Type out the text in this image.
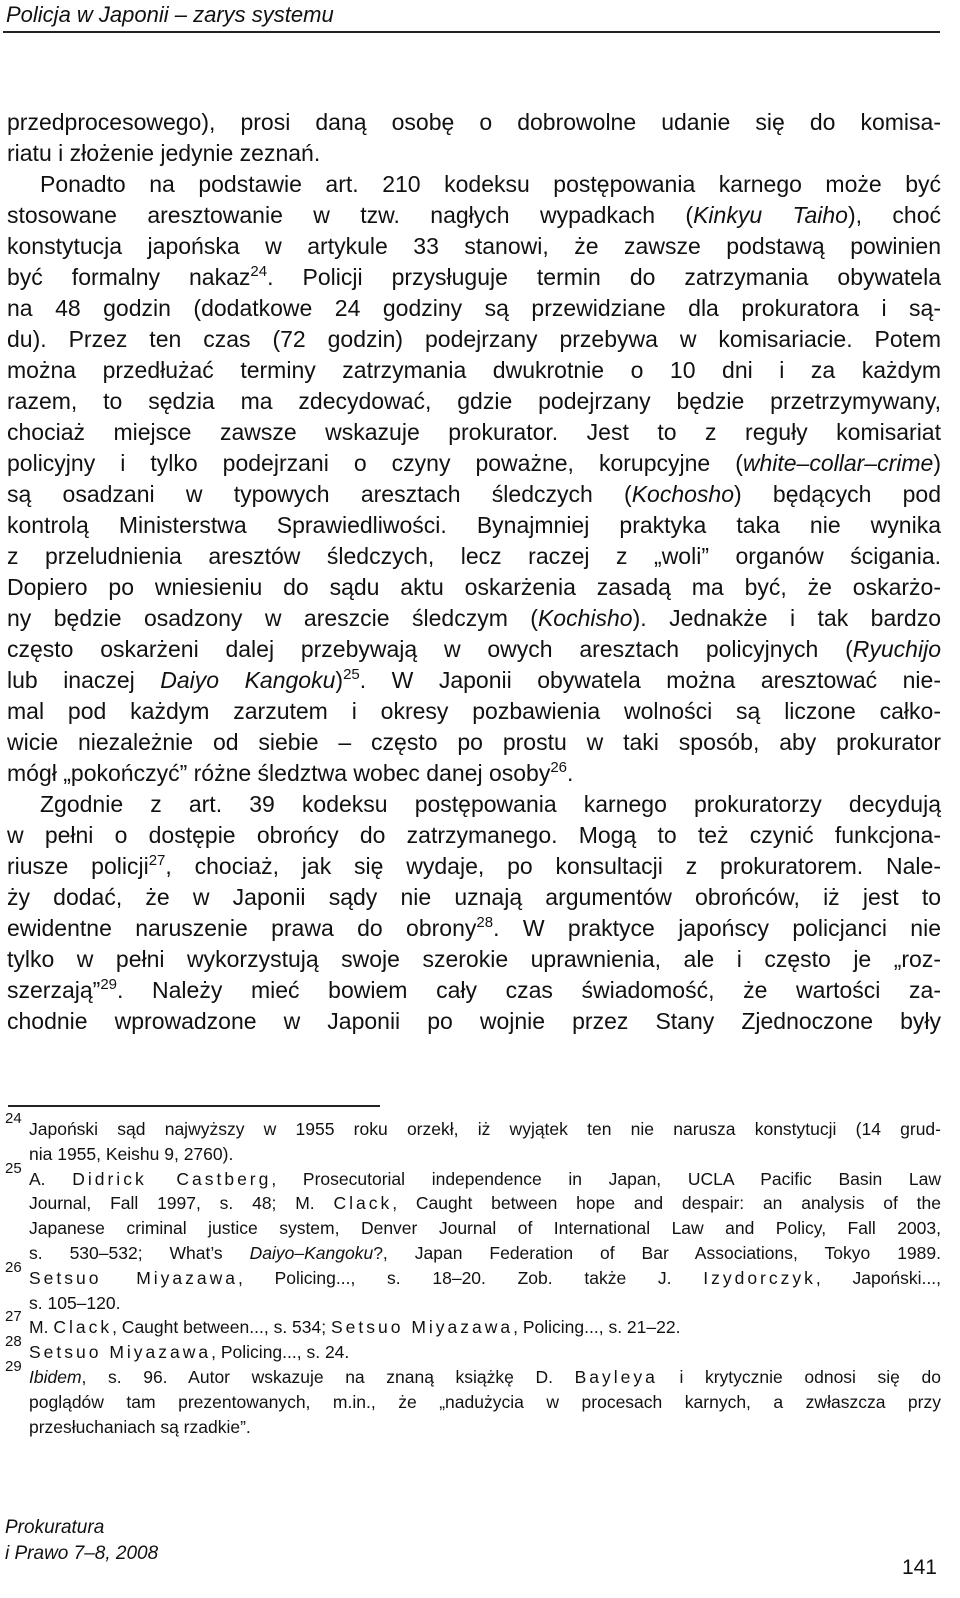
Policja w Japonii – zarys systemu
przedprocesowego), prosi daną osobę o dobrowolne udanie się do komisa-
riatu i złożenie jedynie zeznań.
Ponadto na podstawie art. 210 kodeksu postępowania karnego może być
stosowane aresztowanie w tzw. nagłych wypadkach (Kinkyu Taiho), choć
konstytucja japońska w artykule 33 stanowi, że zawsze podstawą powinien
być formalny nakaz$^{24}$. Policji przysługuje termin do zatrzymania obywatela
na 48 godzin (dodatkowe 24 godziny są przewidziane dla prokuratora i są-
du). Przez ten czas (72 godzin) podejrzany przebywa w komisariacie. Potem
można przedłużać terminy zatrzymania dwukrotnie o 10 dni i za każdym
razem, to sędzia ma zdecydować, gdzie podejrzany będzie przetrzymywany,
chociaż miejsce zawsze wskazuje prokurator. Jest to z reguły komisariat
policyjny i tylko podejrzani o czyny poważne, korupcyjne (white–collar–crime)
są osadzani w typowych aresztach śledczych (Kochosho) będących pod
kontrolą Ministerstwa Sprawiedliwości. Bynajmniej praktyka taka nie wynika
z przeludnienia aresztów śledczych, lecz raczej z „woli” organów ścigania.
Dopiero po wniesieniu do sądu aktu oskarżenia zasadą ma być, że oskarżo-
ny będzie osadzony w areszcie śledczym (Kochisho). Jednakże i tak bardzo
często oskarżeni dalej przebywają w owych aresztach policyjnych (Ryuchijo
lub inaczej Daiyo Kangoku)$^{25}$. W Japonii obywatela można aresztować nie-
mal pod każdym zarzutem i okresy pozbawienia wolności są liczone całko-
wicie niezależnie od siebie – często po prostu w taki sposób, aby prokurator
mógł „pokończyć” różne śledztwa wobec danej osoby$^{26}$.
Zgodnie z art. 39 kodeksu postępowania karnego prokuratorzy decydują
w pełni o dostępie obrońcy do zatrzymanego. Mogą to też czynić funkcjona-
riusze policji$^{27}$, chociaż, jak się wydaje, po konsultacji z prokuratorem. Nale-
ży dodać, że w Japonii sądy nie uznają argumentów obrońców, iż jest to
ewidentne naruszenie prawa do obrony$^{28}$. W praktyce japońscy policjanci nie
tylko w pełni wykorzystują swoje szerokie uprawnienia, ale i często je „roz-
szerzają”$^{29}$. Należy mieć bowiem cały czas świadomość, że wartości za-
chodnie wprowadzone w Japonii po wojnie przez Stany Zjednoczone były
24
Japoński sąd najwyższy w 1955 roku orzekł, iż wyjątek ten nie narusza konstytucji (14 grud-
nia 1955, Keishu 9, 2760).
25
A. Didrick Castberg, Prosecutorial independence in Japan, UCLA Pacific Basin Law
Journal, Fall 1997, s. 48; M. Clack, Caught between hope and despair: an analysis of the
Japanese criminal justice system, Denver Journal of International Law and Policy, Fall 2003,
s. 530–532; What’s Daiyo–Kangoku?, Japan Federation of Bar Associations, Tokyo 1989.
26
Setsuo Miyazawa, Policing..., s. 18–20. Zob. także J. Izydorczyk, Japoński...,
s. 105–120.
27
M. Clack, Caught between..., s. 534; Setsuo Miyazawa, Policing..., s. 21–22.
28
Setsuo Miyazawa, Policing..., s. 24.
29
Ibidem, s. 96. Autor wskazuje na znaną książkę D. Bayleya i krytycznie odnosi się do
poglądów tam prezentowanych, m.in., że „nadużycia w procesach karnych, a zwłaszcza przy
przesłuchaniach są rzadkie”.
Prokuratura
i Prawo 7–8, 2008
141
